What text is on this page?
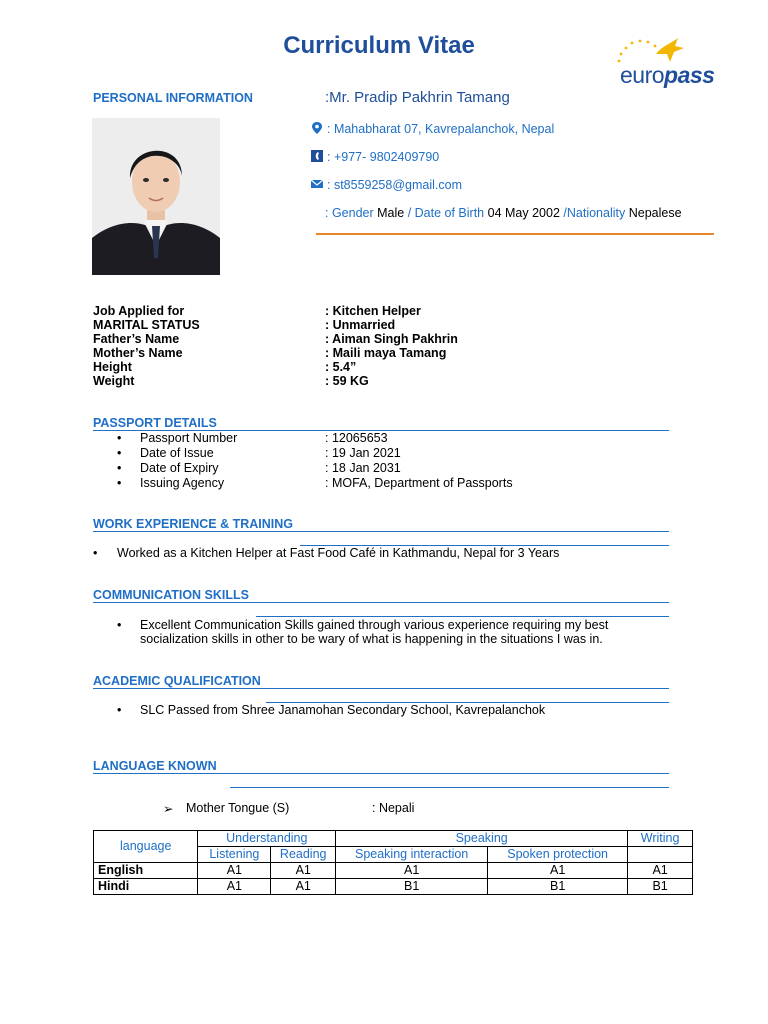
Curriculum Vitae
europass
PERSONAL INFORMATION	:Mr. Pradip Pakhrin Tamang
: Mahabharat 07, Kavrepalanchok, Nepal
: +977- 9802409790
: st8559258@gmail.com
: Gender Male / Date of Birth 04 May 2002 /Nationality Nepalese
Job Applied for	: Kitchen Helper
MARITAL STATUS	: Unmarried
Father’s Name	: Aiman Singh Pakhrin
Mother’s Name	: Maili maya Tamang
Height	: 5.4”
Weight	: 59 KG
PASSPORT DETAILS
• Passport Number	: 12065653
• Date of Issue	: 19 Jan 2021
• Date of Expiry	: 18 Jan 2031
• Issuing Agency	: MOFA, Department of Passports
WORK EXPERIENCE & TRAINING
• Worked as a Kitchen Helper at Fast Food Café in Kathmandu, Nepal for 3 Years
COMMUNICATION SKILLS
• Excellent Communication Skills gained through various experience requiring my best
socialization skills in other to be wary of what is happening in the situations I was in.
ACADEMIC QUALIFICATION
• SLC Passed from Shree Janamohan Secondary School, Kavrepalanchok
LANGUAGE KNOWN
➢ Mother Tongue (S)	: Nepali
language	Understanding		Speaking		Writing
	Listening	Reading	Speaking interaction	Spoken protection	
English	A1	A1	A1	A1	A1
Hindi	A1	A1	B1	B1	B1
